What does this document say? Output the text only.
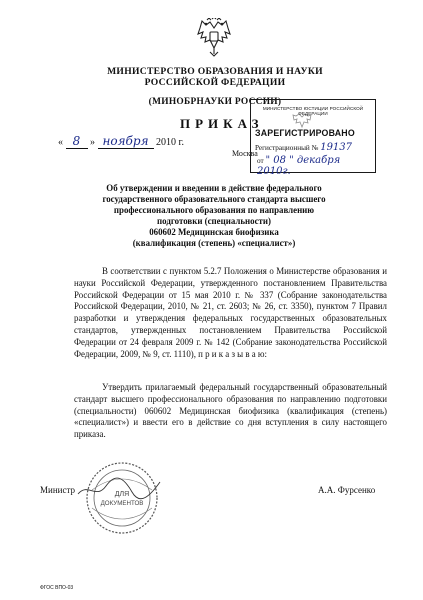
МИНИСТЕРСТВО ОБРАЗОВАНИЯ И НАУКИ
РОССИЙСКОЙ ФЕДЕРАЦИИ
(МИНОБРНАУКИ РОССИИ)
ПРИКАЗ
« 8 » ноября 2010 г.
Москва
МИНИСТЕРСТВО ЮСТИЦИИ РОССИЙСКОЙ ФЕДЕРАЦИИ
ЗАРЕГИСТРИРОВАНО
Регистрационный № 19137
от " 08 " декабря 2010г.
Об утверждении и введении в действие федерального
государственного образовательного стандарта высшего
профессионального образования по направлению
подготовки (специальности)
060602 Медицинская биофизика
(квалификация (степень) «специалист»)
В соответствии с пунктом 5.2.7 Положения о Министерстве образования и науки Российской Федерации, утвержденного постановлением Правительства Российской Федерации от 15 мая 2010 г. № 337 (Собрание законодательства Российской Федерации, 2010, № 21, ст. 2603; № 26, ст. 3350), пунктом 7 Правил разработки и утверждения федеральных государственных образовательных стандартов, утвержденных постановлением Правительства Российской Федерации от 24 февраля 2009 г. № 142 (Собрание законодательства Российской Федерации, 2009, № 9, ст. 1110), п р и к а з ы в а ю:
Утвердить прилагаемый федеральный государственный образовательный стандарт высшего профессионального образования по направлению подготовки (специальности) 060602 Медицинская биофизика (квалификация (степень) «специалист») и ввести его в действие со дня вступления в силу настоящего приказа.
ДЛЯ
ДОКУМЕНТОВ
Министр	А.А. Фурсенко
ФГОС ВПО-03
